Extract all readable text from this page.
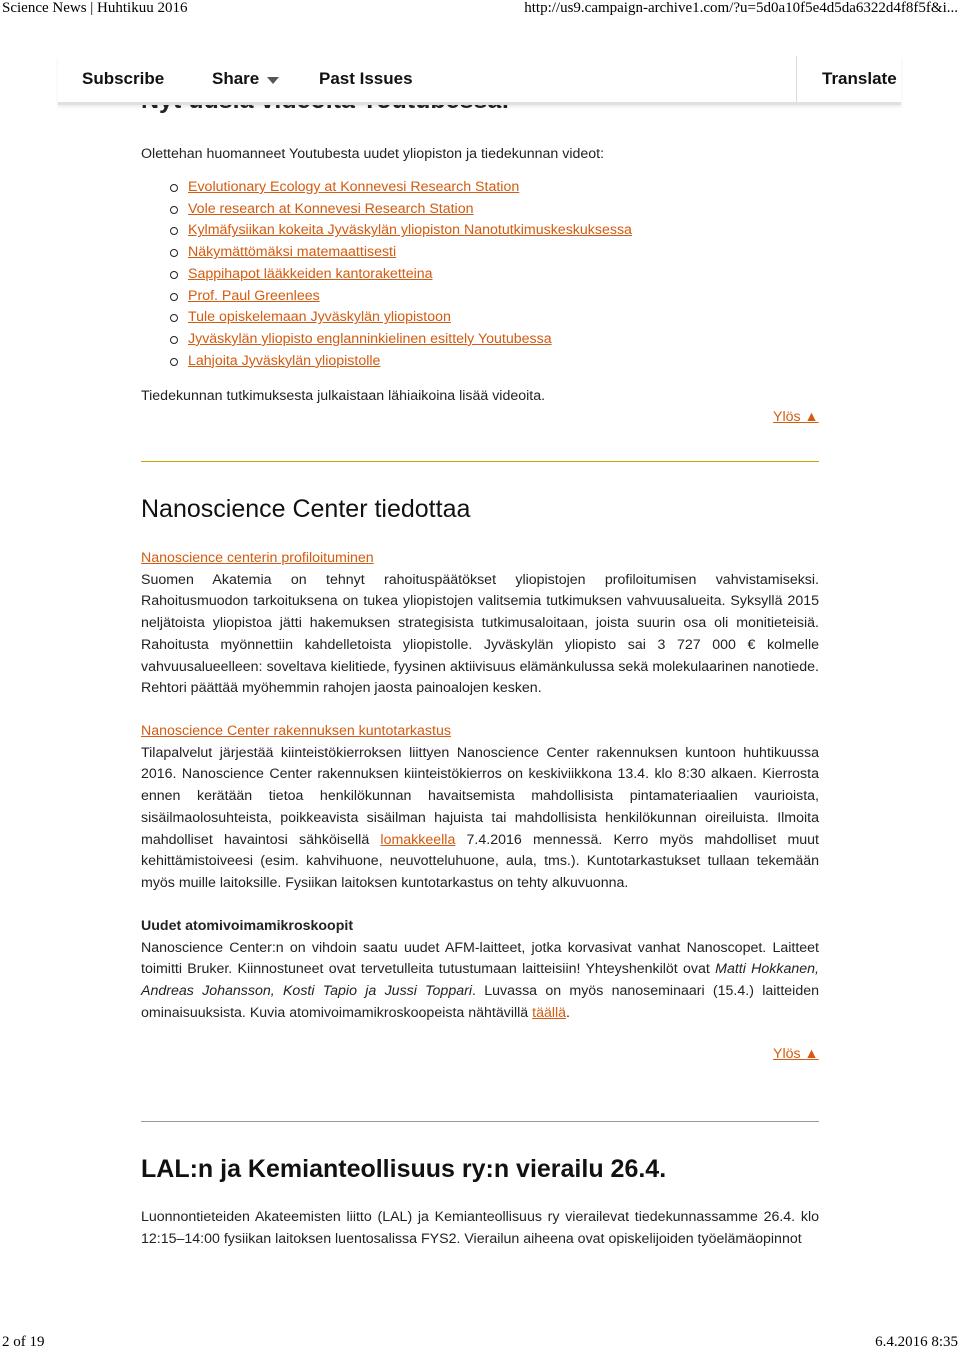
Science News | Huhtikuu 2016	http://us9.campaign-archive1.com/?u=5d0a10f5e4d5da6322d4f8f5f&i...
Subscribe	Share	Past Issues	Translate

Olettehan huomanneet Youtubesta uudet yliopiston ja tiedekunnan videot:

Evolutionary Ecology at Konnevesi Research Station
Vole research at Konnevesi Research Station
Kylmäfysiikan kokeita Jyväskylän yliopiston Nanotutkimuskeskuksessa
Näkymättömäksi matemaattisesti
Sappihapot lääkkeiden kantoraketteina
Prof. Paul Greenlees
Tule opiskelemaan Jyväskylän yliopistoon
Jyväskylän yliopisto englanninkielinen esittely Youtubessa
Lahjoita Jyväskylän yliopistolle

Tiedekunnan tutkimuksesta julkaistaan lähiaikoina lisää videoita.

Ylös ▲
Nanoscience Center tiedottaa

Nanoscience centerin profiloituminen

Suomen Akatemia on tehnyt rahoituspäätökset yliopistojen profiloitumisen vahvistamiseksi. Rahoitusmuodon tarkoituksena on tukea yliopistojen valitsemia tutkimuksen vahvuusalueita. Syksyllä 2015 neljätoista yliopistoa jätti hakemuksen strategisista tutkimusaloitaan, joista suurin osa oli monitieteisiä. Rahoitusta myönnettiin kahdelletoista yliopistolle. Jyväskylän yliopisto sai 3 727 000 € kolmelle vahvuusalueelleen: soveltava kielitiede, fyysinen aktiivisuus elämänkulussa sekä molekulaarinen nanotiede. Rehtori päättää myöhemmin rahojen jaosta painoalojen kesken.

Nanoscience Center rakennuksen kuntotarkastus

Tilapalvelut järjestää kiinteistökierroksen liittyen Nanoscience Center rakennuksen kuntoon huhtikuussa 2016. Nanoscience Center rakennuksen kiinteistökierros on keskiviikkona 13.4. klo 8:30 alkaen. Kierrosta ennen kerätään tietoa henkilökunnan havaitsemista mahdollisista pintamateriaalien vaurioista, sisäilmaolosuhteista, poikkeavista sisäilman hajuista tai mahdollisista henkilökunnan oireiluista. Ilmoita mahdolliset havaintosi sähköisellä lomakkeella 7.4.2016 mennessä. Kerro myös mahdolliset muut kehittämistoiveesi (esim. kahvihuone, neuvotteluhuone, aula, tms.). Kuntotarkastukset tullaan tekemään myös muille laitoksille. Fysiikan laitoksen kuntotarkastus on tehty alkuvuonna.

Uudet atomivoimamikroskoopit

Nanoscience Center:n on vihdoin saatu uudet AFM-laitteet, jotka korvasivat vanhat Nanoscopet. Laitteet toimitti Bruker. Kiinnostuneet ovat tervetulleita tutustumaan laitteisiin! Yhteyshenkilöt ovat Matti Hokkanen, Andreas Johansson, Kosti Tapio ja Jussi Toppari. Luvassa on myös nanoseminaari (15.4.) laitteiden ominaisuuksista. Kuvia atomivoimamikroskoopeista nähtävillä täällä.

Ylös ▲
LAL:n ja Kemianteollisuus ry:n vierailu 26.4.

Luonnontieteiden Akateemisten liitto (LAL) ja Kemianteollisuus ry vierailevat tiedekunnassamme 26.4. klo 12:15–14:00 fysiikan laitoksen luentosalissa FYS2. Vierailun aiheena ovat opiskelijoiden työelämäopinnot

2 of 19	6.4.2016 8:35
